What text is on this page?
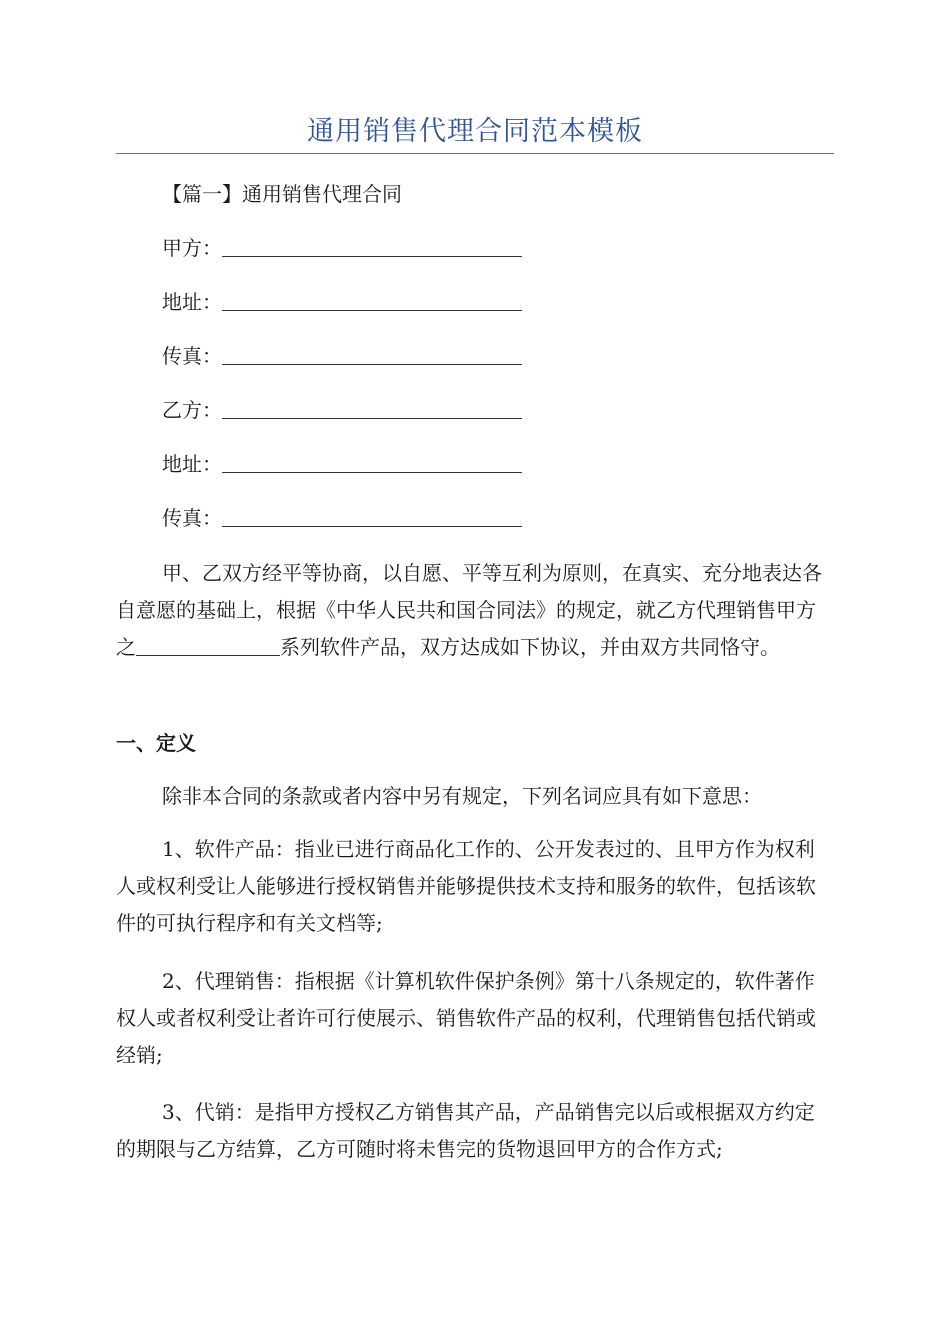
通用销售代理合同范本模板
【篇一】通用销售代理合同
甲方：
地址：
传真：
乙方：
地址：
传真：

甲、乙双方经平等协商，以自愿、平等互利为原则，在真实、充分地表达各自意愿的基础上，根据《中华人民共和国合同法》的规定，就乙方代理销售甲方之	系列软件产品，双方达成如下协议，并由双方共同恪守。

一、定义

除非本合同的条款或者内容中另有规定，下列名词应具有如下意思：

1、软件产品：指业已进行商品化工作的、公开发表过的、且甲方作为权利人或权利受让人能够进行授权销售并能够提供技术支持和服务的软件，包括该软件的可执行程序和有关文档等;

2、代理销售：指根据《计算机软件保护条例》第十八条规定的，软件著作权人或者权利受让者许可行使展示、销售软件产品的权利，代理销售包括代销或经销;

3、代销：是指甲方授权乙方销售其产品，产品销售完以后或根据双方约定的期限与乙方结算，乙方可随时将未售完的货物退回甲方的合作方式;
